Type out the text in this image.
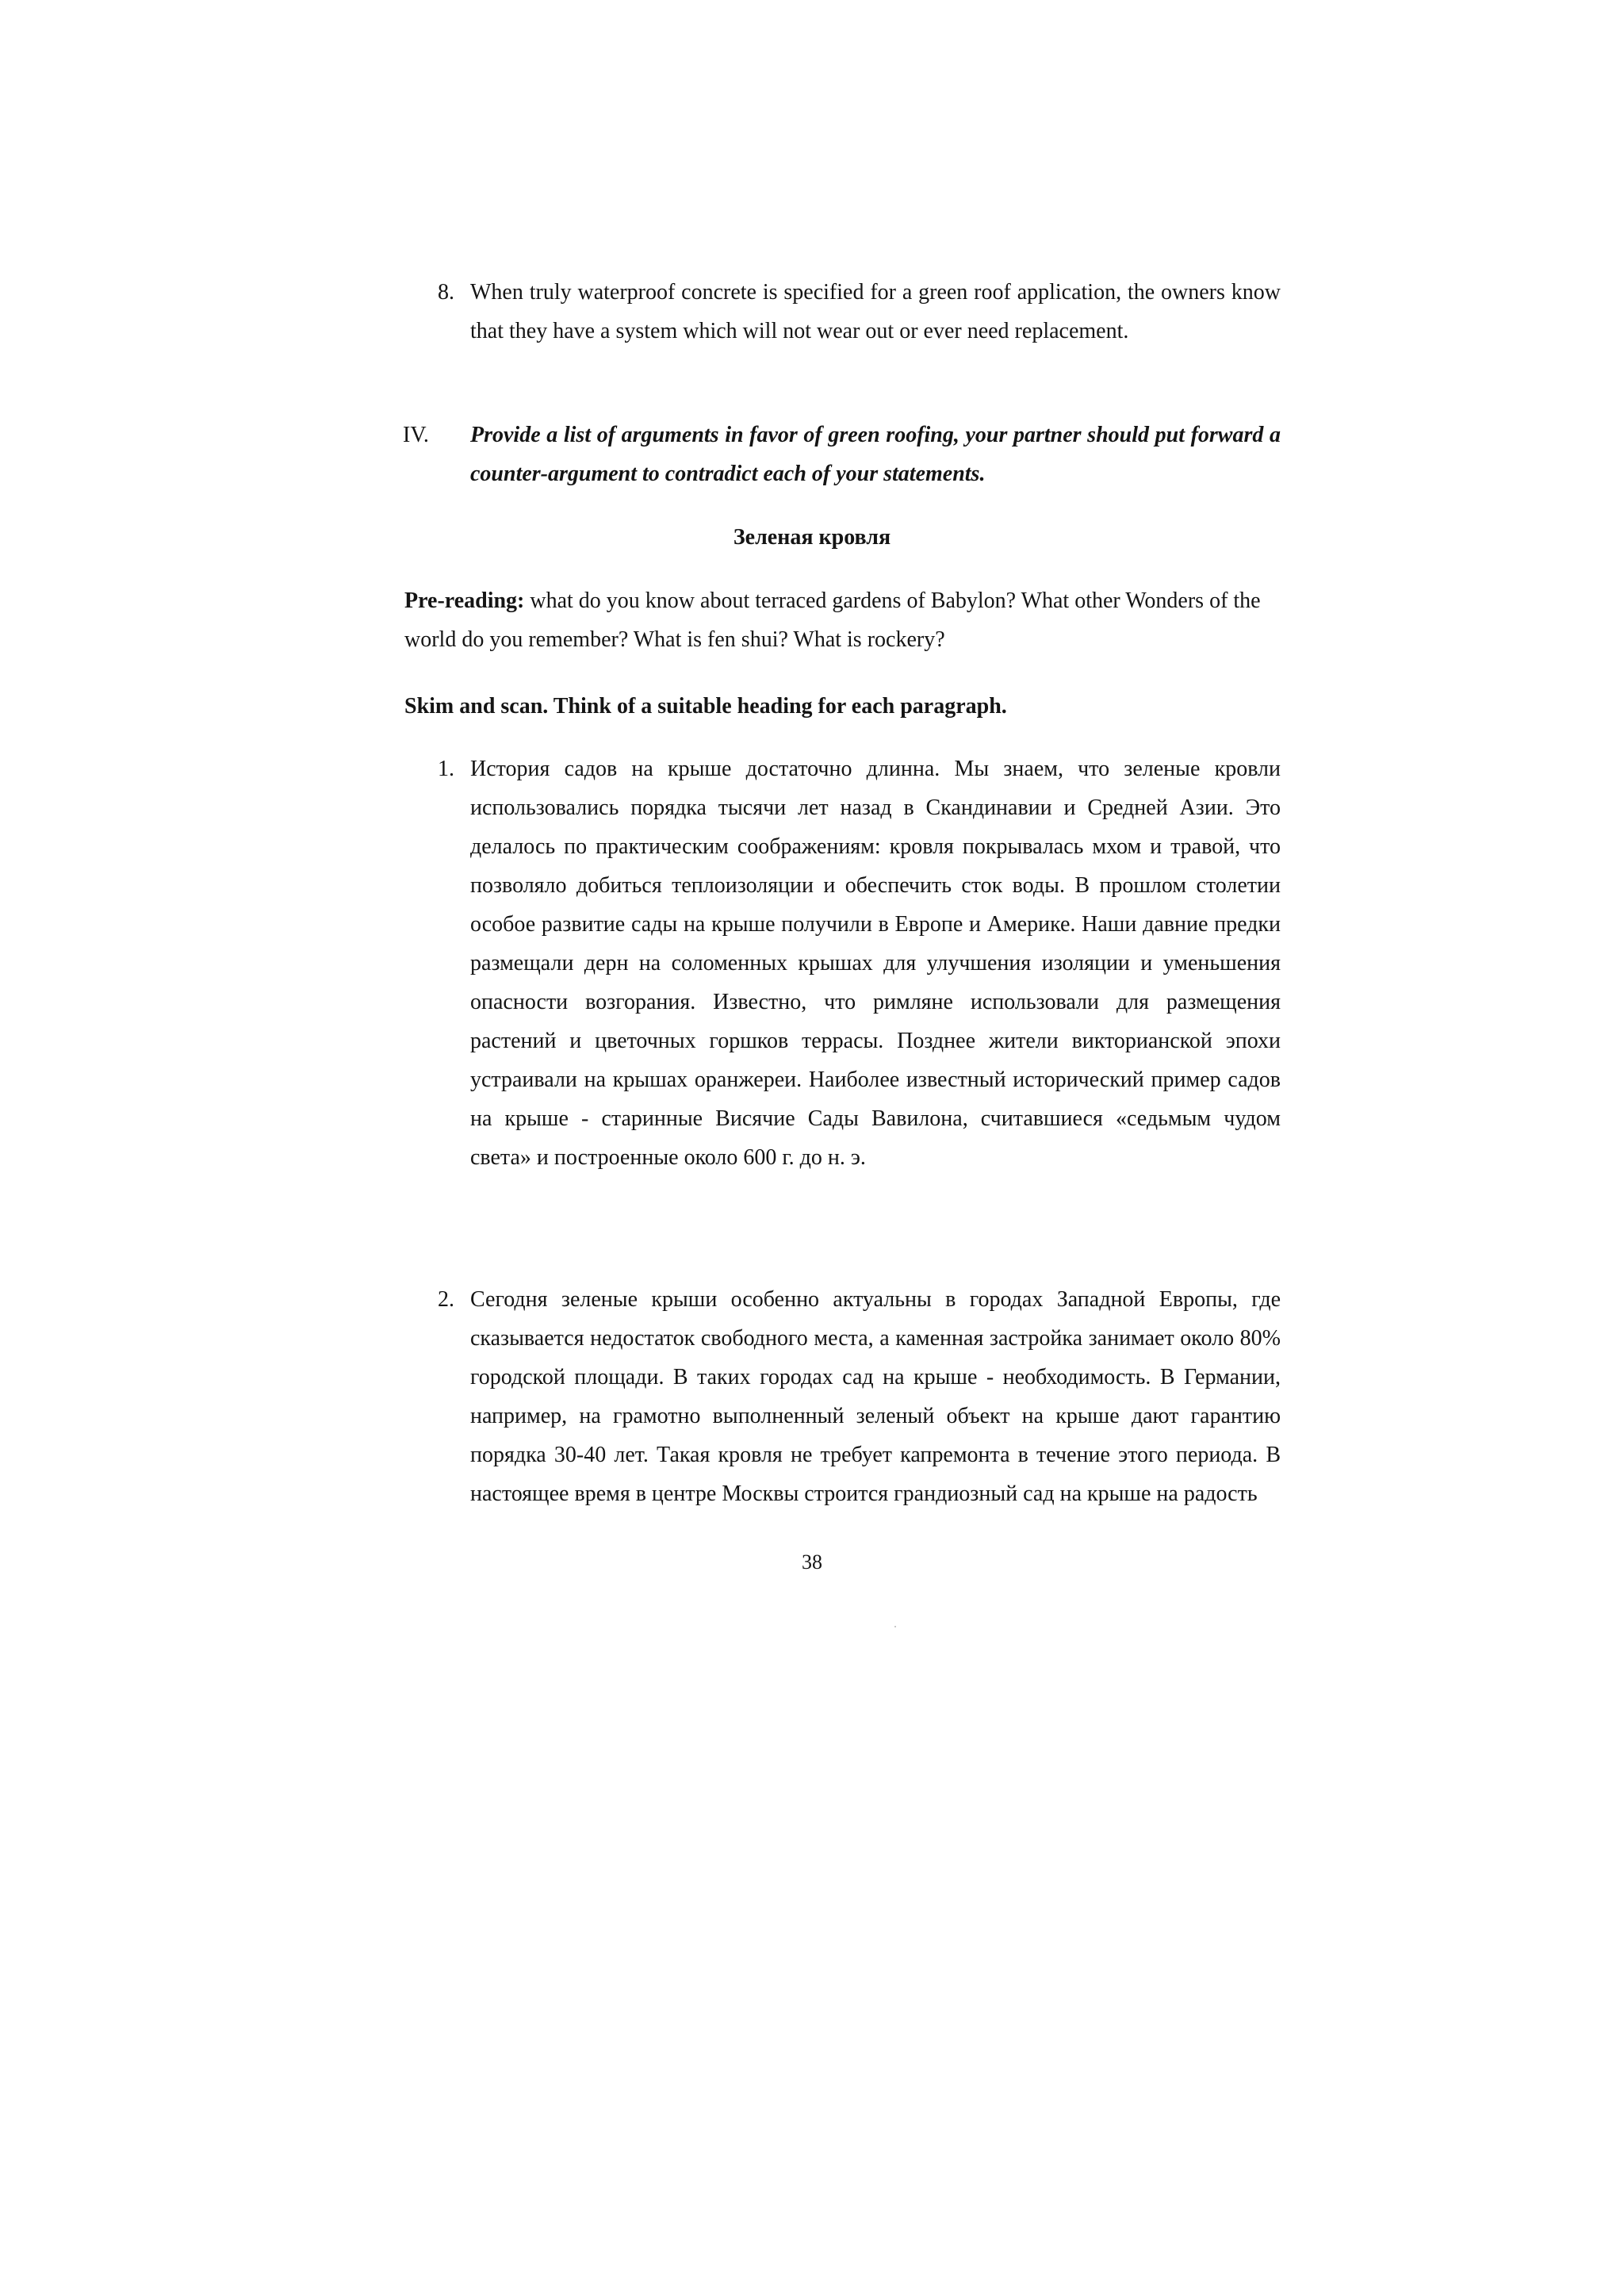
8. When truly waterproof concrete is specified for a green roof application, the owners know that they have a system which will not wear out or ever need replacement.

IV. Provide a list of arguments in favor of green roofing, your partner should put forward a counter-argument to contradict each of your statements.

Зеленая кровля

Pre-reading: what do you know about terraced gardens of Babylon? What other Wonders of the world do you remember? What is fen shui? What is rockery?

Skim and scan. Think of a suitable heading for each paragraph.

1. История садов на крыше достаточно длинна. Мы знаем, что зеленые кровли использовались порядка тысячи лет назад в Скандинавии и Средней Азии. Это делалось по практическим соображениям: кровля покрывалась мхом и травой, что позволяло добиться теплоизоляции и обеспечить сток воды. В прошлом столетии особое развитие сады на крыше получили в Европе и Америке. Наши давние предки размещали дерн на соломенных крышах для улучшения изоляции и уменьшения опасности возгорания. Известно, что римляне использовали для размещения растений и цветочных горшков террасы. Позднее жители викторианской эпохи устраивали на крышах оранжереи. Наиболее известный исторический пример садов на крыше - старинные Висячие Сады Вавилона, считавшиеся «седьмым чудом света» и построенные около 600 г. до н. э.

2. Сегодня зеленые крыши особенно актуальны в городах Западной Европы, где сказывается недостаток свободного места, а каменная застройка занимает около 80% городской площади. В таких городах сад на крыше - необходимость. В Германии, например, на грамотно выполненный зеленый объект на крыше дают гарантию порядка 30-40 лет. Такая кровля не требует капремонта в течение этого периода. В настоящее время в центре Москвы строится грандиозный сад на крыше на радость

38
